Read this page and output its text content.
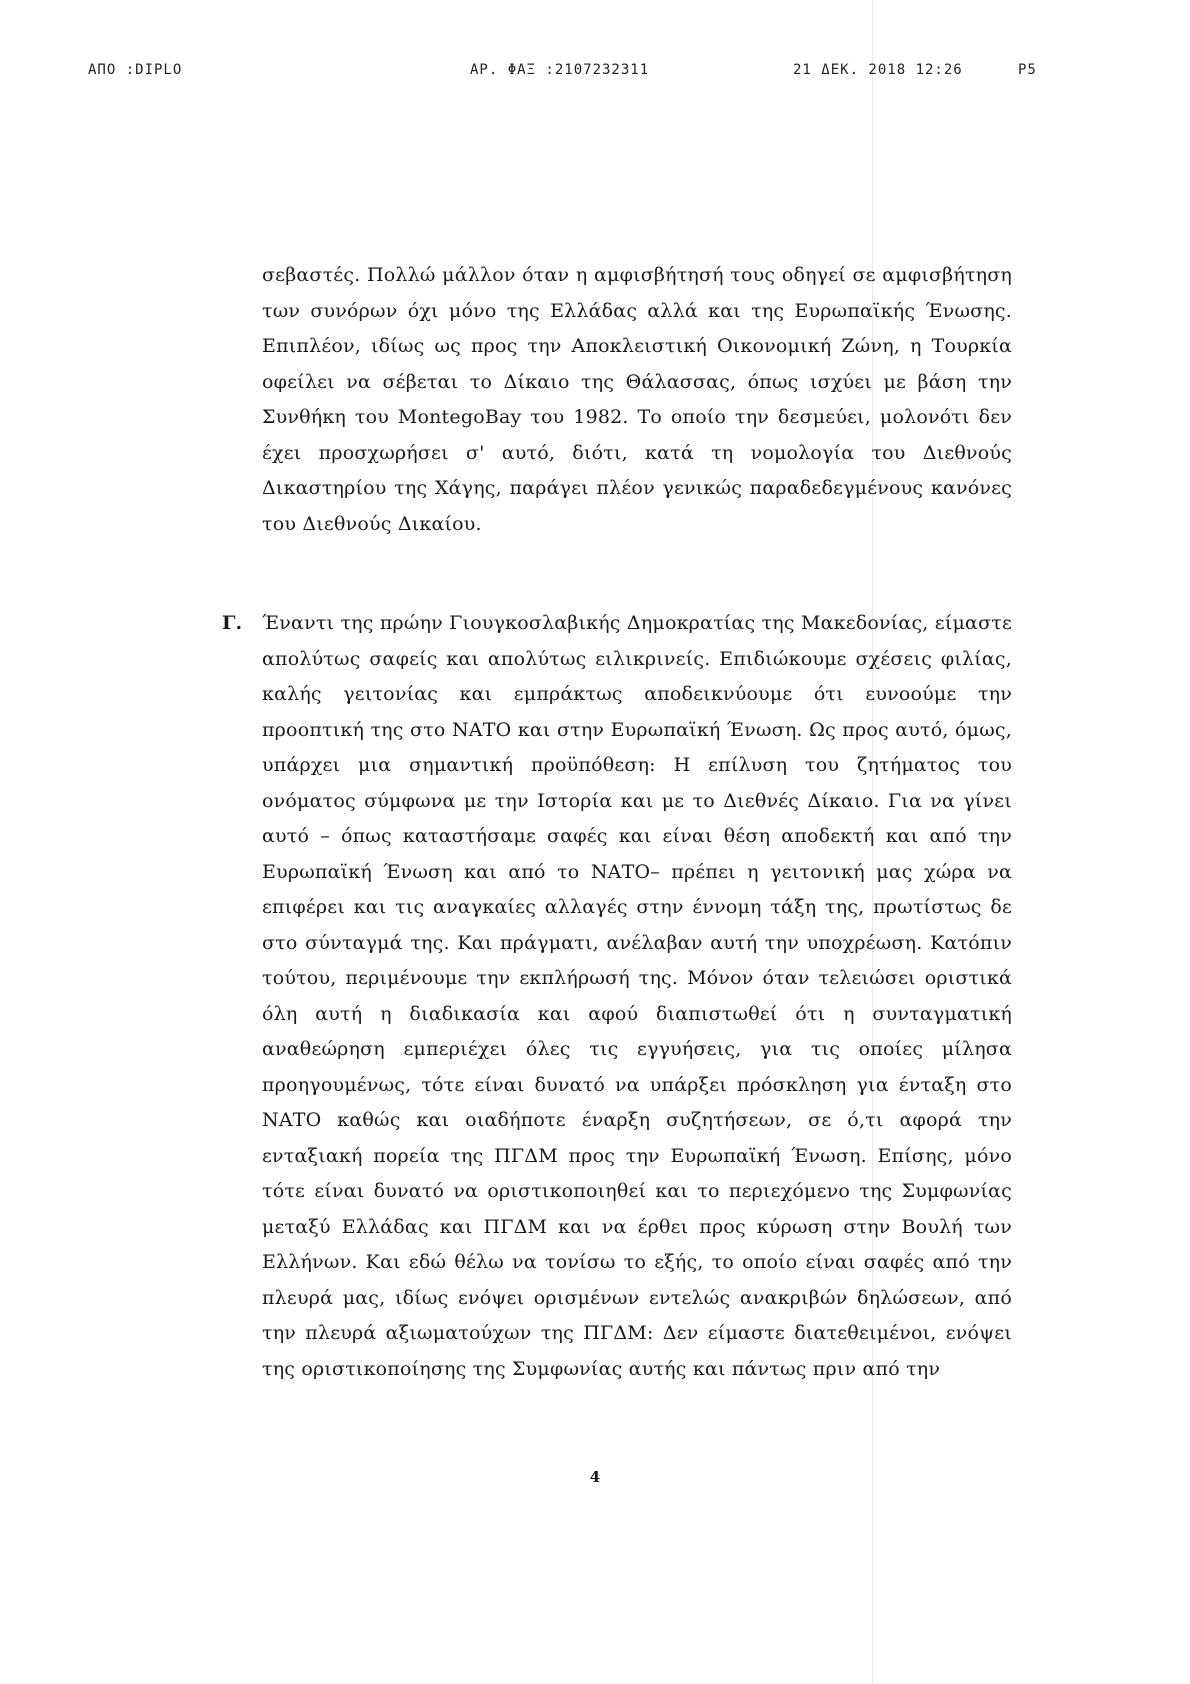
ΑΠΟ :DIPLO	ΑΡ. ΦΑΞ :2107232311	21 ΔΕΚ. 2018 12:26	P5
σεβαστές. Πολλώ μάλλον όταν η αμφισβήτησή τους οδηγεί σε αμφισβήτηση των συνόρων όχι μόνο της Ελλάδας αλλά και της Ευρωπαϊκής Ένωσης. Επιπλέον, ιδίως ως προς την Αποκλειστική Οικονομική Ζώνη, η Τουρκία οφείλει να σέβεται το Δίκαιο της Θάλασσας, όπως ισχύει με βάση την Συνθήκη του MontegoBay του 1982. Το οποίο την δεσμεύει, μολονότι δεν έχει προσχωρήσει σ' αυτό, διότι, κατά τη νομολογία του Διεθνούς Δικαστηρίου της Χάγης, παράγει πλέον γενικώς παραδεδεγμένους κανόνες του Διεθνούς Δικαίου.
Γ. Έναντι της πρώην Γιουγκοσλαβικής Δημοκρατίας της Μακεδονίας, είμαστε απολύτως σαφείς και απολύτως ειλικρινείς. Επιδιώκουμε σχέσεις φιλίας, καλής γειτονίας και εμπράκτως αποδεικνύουμε ότι ευνοούμε την προοπτική της στο ΝΑΤΟ και στην Ευρωπαϊκή Ένωση. Ως προς αυτό, όμως, υπάρχει μια σημαντική προϋπόθεση: Η επίλυση του ζητήματος του ονόματος σύμφωνα με την Ιστορία και με το Διεθνές Δίκαιο. Για να γίνει αυτό – όπως καταστήσαμε σαφές και είναι θέση αποδεκτή και από την Ευρωπαϊκή Ένωση και από το ΝΑΤΟ– πρέπει η γειτονική μας χώρα να επιφέρει και τις αναγκαίες αλλαγές στην έννομη τάξη της, πρωτίστως δε στο σύνταγμά της. Και πράγματι, ανέλαβαν αυτή την υποχρέωση. Κατόπιν τούτου, περιμένουμε την εκπλήρωσή της. Μόνον όταν τελειώσει οριστικά όλη αυτή η διαδικασία και αφού διαπιστωθεί ότι η συνταγματική αναθεώρηση εμπεριέχει όλες τις εγγυήσεις, για τις οποίες μίλησα προηγουμένως, τότε είναι δυνατό να υπάρξει πρόσκληση για ένταξη στο ΝΑΤΟ καθώς και οιαδήποτε έναρξη συζητήσεων, σε ό,τι αφορά την ενταξιακή πορεία της ΠΓΔΜ προς την Ευρωπαϊκή Ένωση. Επίσης, μόνο τότε είναι δυνατό να οριστικοποιηθεί και το περιεχόμενο της Συμφωνίας μεταξύ Ελλάδας και ΠΓΔΜ και να έρθει προς κύρωση στην Βουλή των Ελλήνων. Και εδώ θέλω να τονίσω το εξής, το οποίο είναι σαφές από την πλευρά μας, ιδίως ενόψει ορισμένων εντελώς ανακριβών δηλώσεων, από την πλευρά αξιωματούχων της ΠΓΔΜ: Δεν είμαστε διατεθειμένοι, ενόψει της οριστικοποίησης της Συμφωνίας αυτής και πάντως πριν από την
4
